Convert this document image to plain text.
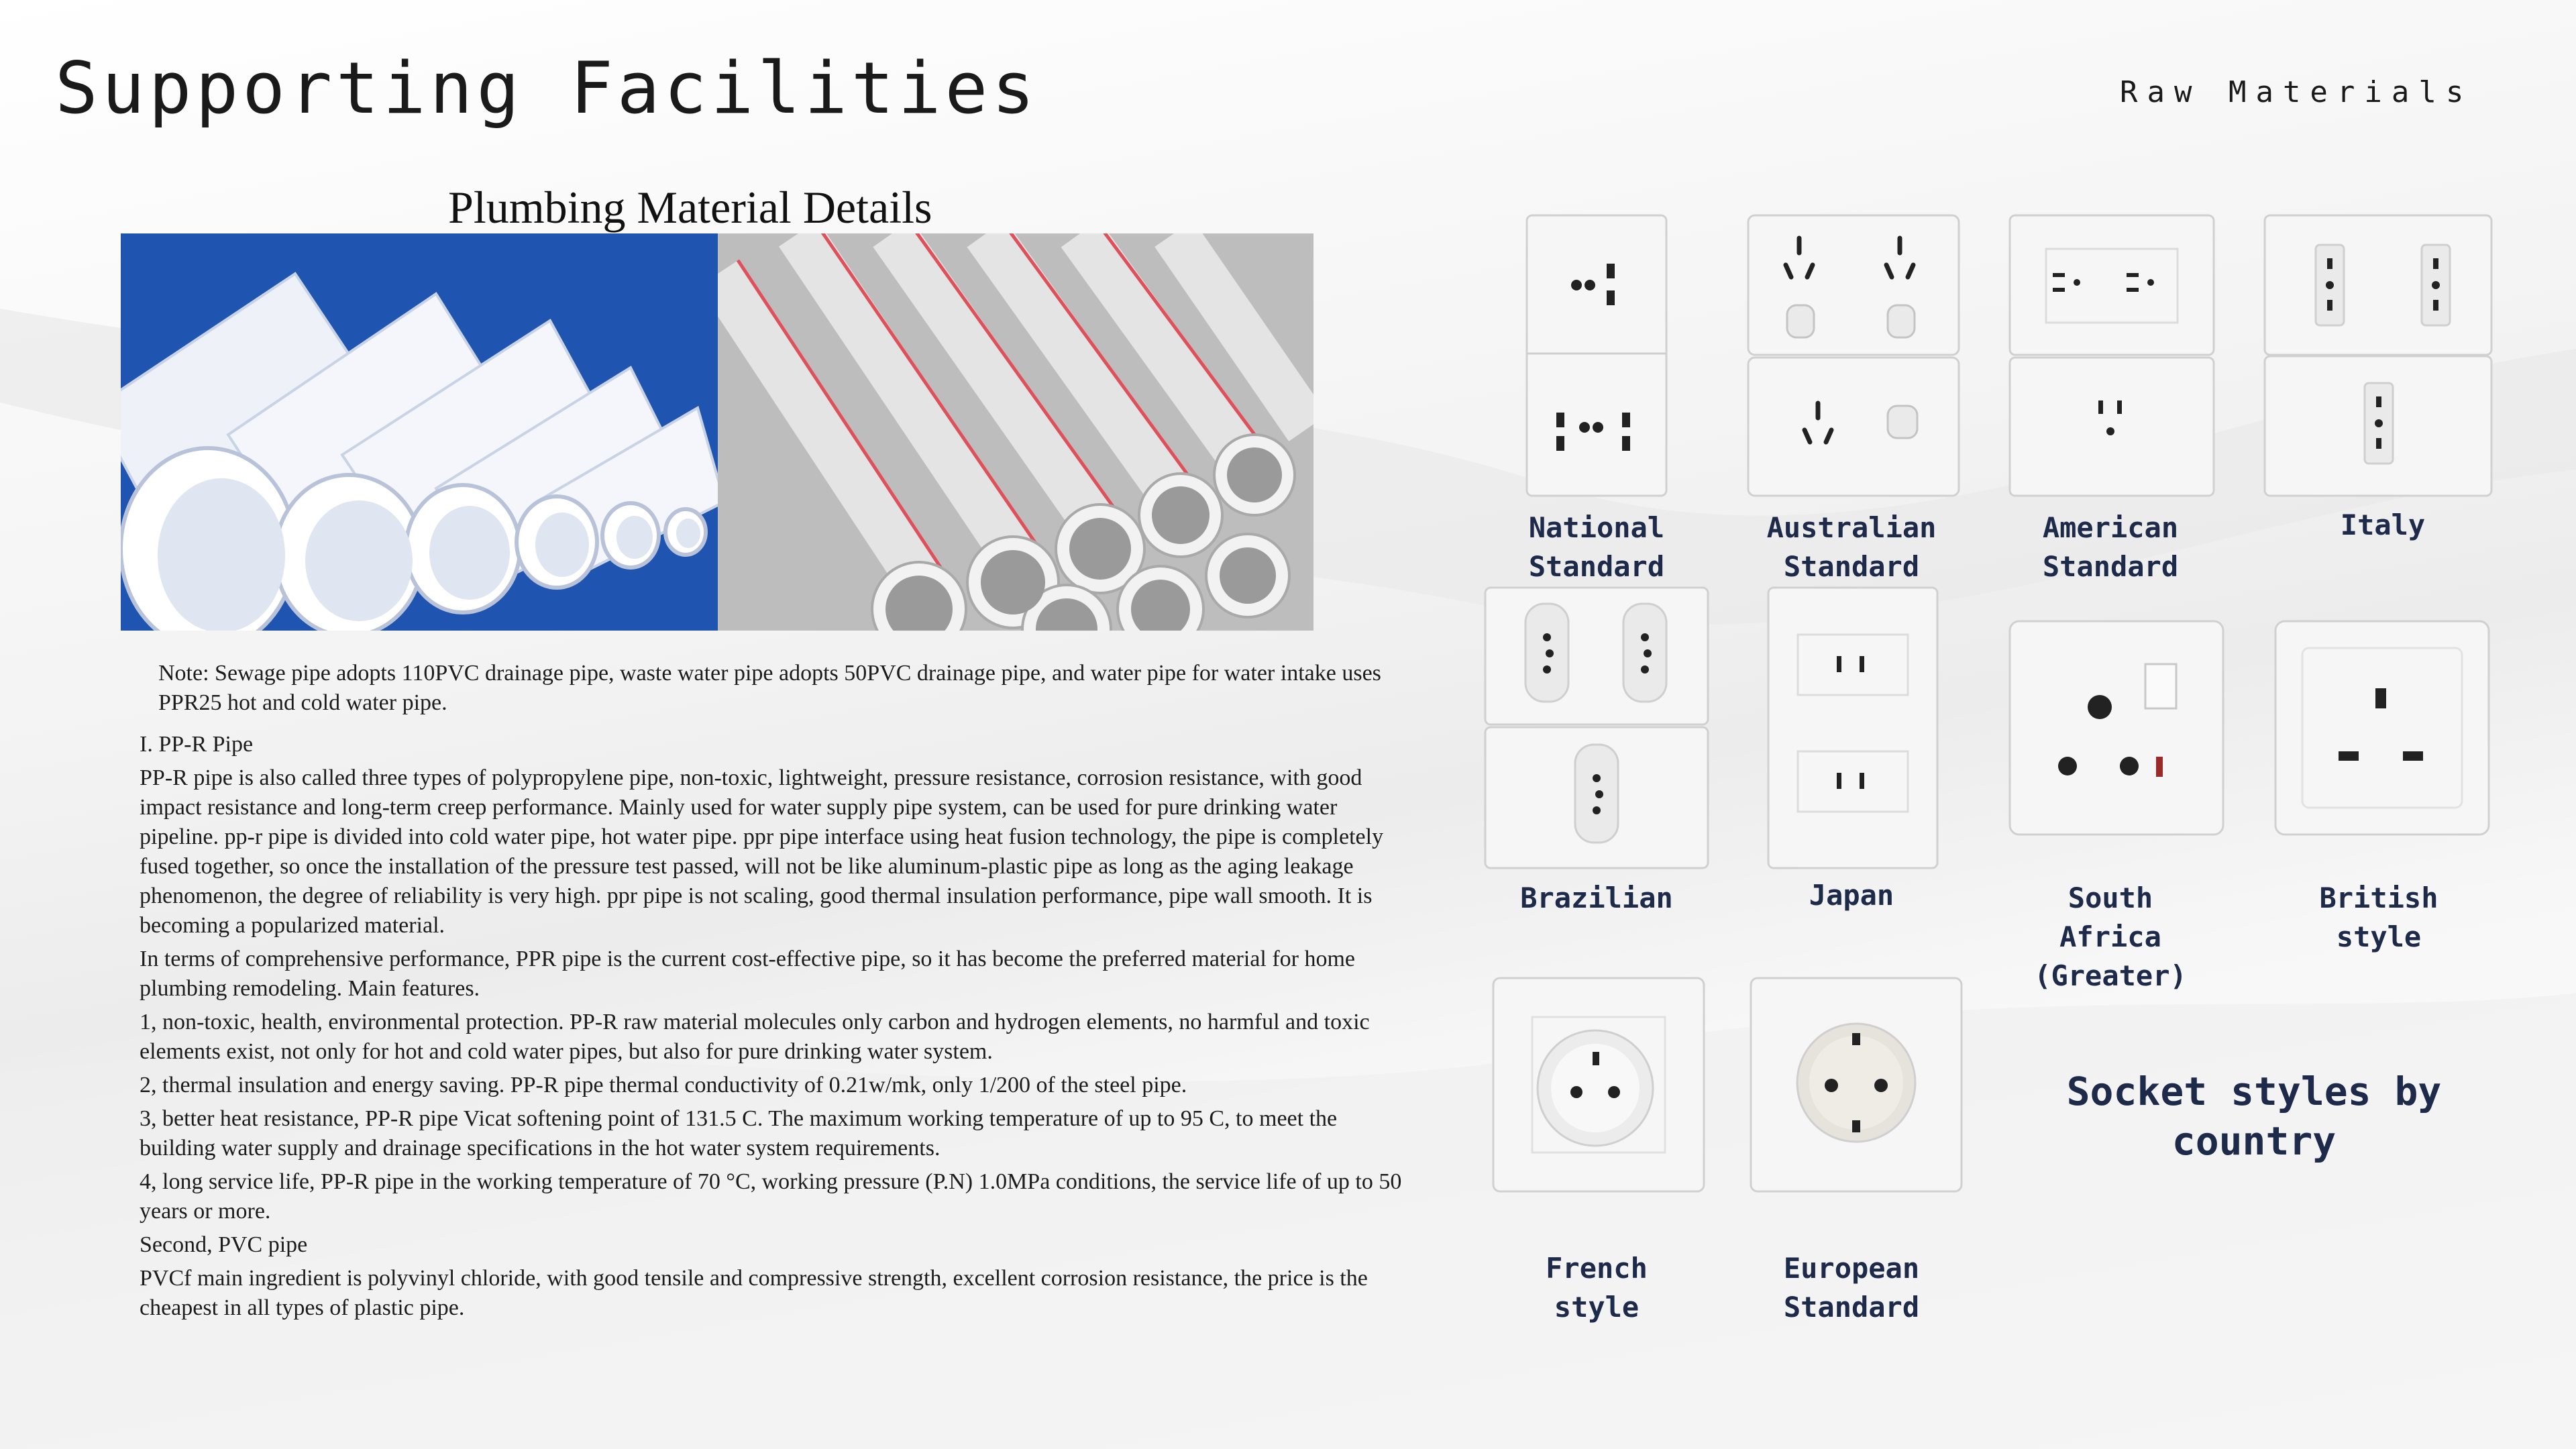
Supporting Facilities	Raw Materials
Plumbing Material Details

Note: Sewage pipe adopts 110PVC drainage pipe, waste water pipe adopts 50PVC drainage pipe, and water pipe for water intake uses PPR25 hot and cold water pipe.

I. PP-R Pipe

PP-R pipe is also called three types of polypropylene pipe, non-toxic, lightweight, pressure resistance, corrosion resistance, with good impact resistance and long-term creep performance. Mainly used for water supply pipe system, can be used for pure drinking water pipeline. pp-r pipe is divided into cold water pipe, hot water pipe. ppr pipe interface using heat fusion technology, the pipe is completely fused together, so once the installation of the pressure test passed, will not be like aluminum-plastic pipe as long as the aging leakage phenomenon, the degree of reliability is very high. ppr pipe is not scaling, good thermal insulation performance, pipe wall smooth. It is becoming a popularized material.

In terms of comprehensive performance, PPR pipe is the current cost-effective pipe, so it has become the preferred material for home plumbing remodeling. Main features.

1, non-toxic, health, environmental protection. PP-R raw material molecules only carbon and hydrogen elements, no harmful and toxic elements exist, not only for hot and cold water pipes, but also for pure drinking water system.

2, thermal insulation and energy saving. PP-R pipe thermal conductivity of 0.21w/mk, only 1/200 of the steel pipe.

3, better heat resistance, PP-R pipe Vicat softening point of 131.5 C. The maximum working temperature of up to 95 C, to meet the building water supply and drainage specifications in the hot water system requirements.

4, long service life, PP-R pipe in the working temperature of 70 °C, working pressure (P.N) 1.0MPa conditions, the service life of up to 50 years or more.

Second, PVC pipe

PVCf main ingredient is polyvinyl chloride, with good tensile and compressive strength, excellent corrosion resistance, the price is the cheapest in all types of plastic pipe.

National
Standard
Australian
Standard
American
Standard
Italy
Brazilian	Japan	South
Africa
(Greater)
British
style
French
style
European
Standard
Socket styles by country
